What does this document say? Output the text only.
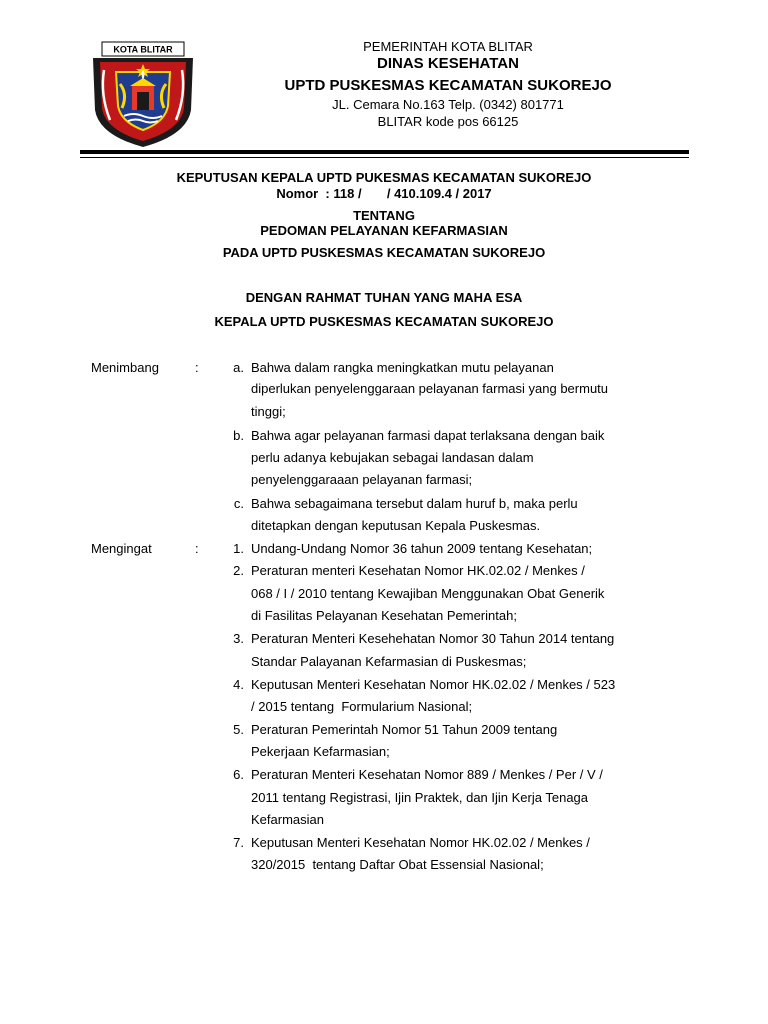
KOTA BLITAR	PEMERINTAH KOTA BLITAR
DINAS KESEHATAN
UPTD PUSKESMAS KECAMATAN SUKOREJO
JL. Cemara No.163 Telp. (0342) 801771
BLITAR kode pos 66125
KEPUTUSAN KEPALA UPTD PUKESMAS KECAMATAN SUKOREJO
Nomor  : 118 /       / 410.109.4 / 2017
TENTANG
PEDOMAN PELAYANAN KEFARMASIAN
PADA UPTD PUSKESMAS KECAMATAN SUKOREJO
DENGAN RAHMAT TUHAN YANG MAHA ESA
KEPALA UPTD PUSKESMAS KECAMATAN SUKOREJO
Menimbang	:	a. Bahwa dalam rangka meningkatkan mutu pelayanan
diperlukan penyelenggaraan pelayanan farmasi yang bermutu
tinggi;
b. Bahwa agar pelayanan farmasi dapat terlaksana dengan baik
perlu adanya kebujakan sebagai landasan dalam
penyelenggaraaan pelayanan farmasi;
c. Bahwa sebagaimana tersebut dalam huruf b, maka perlu
ditetapkan dengan keputusan Kepala Puskesmas.
Mengingat	:	1. Undang-Undang Nomor 36 tahun 2009 tentang Kesehatan;
2. Peraturan menteri Kesehatan Nomor HK.02.02 / Menkes /
068 / I / 2010 tentang Kewajiban Menggunakan Obat Generik
di Fasilitas Pelayanan Kesehatan Pemerintah;
3. Peraturan Menteri Kesehehatan Nomor 30 Tahun 2014 tentang
Standar Palayanan Kefarmasian di Puskesmas;
4. Keputusan Menteri Kesehatan Nomor HK.02.02 / Menkes / 523
/ 2015 tentang  Formularium Nasional;
5. Peraturan Pemerintah Nomor 51 Tahun 2009 tentang
Pekerjaan Kefarmasian;
6. Peraturan Menteri Kesehatan Nomor 889 / Menkes / Per / V /
2011 tentang Registrasi, Ijin Praktek, dan Ijin Kerja Tenaga
Kefarmasian
7. Keputusan Menteri Kesehatan Nomor HK.02.02 / Menkes /
320/2015  tentang Daftar Obat Essensial Nasional;
